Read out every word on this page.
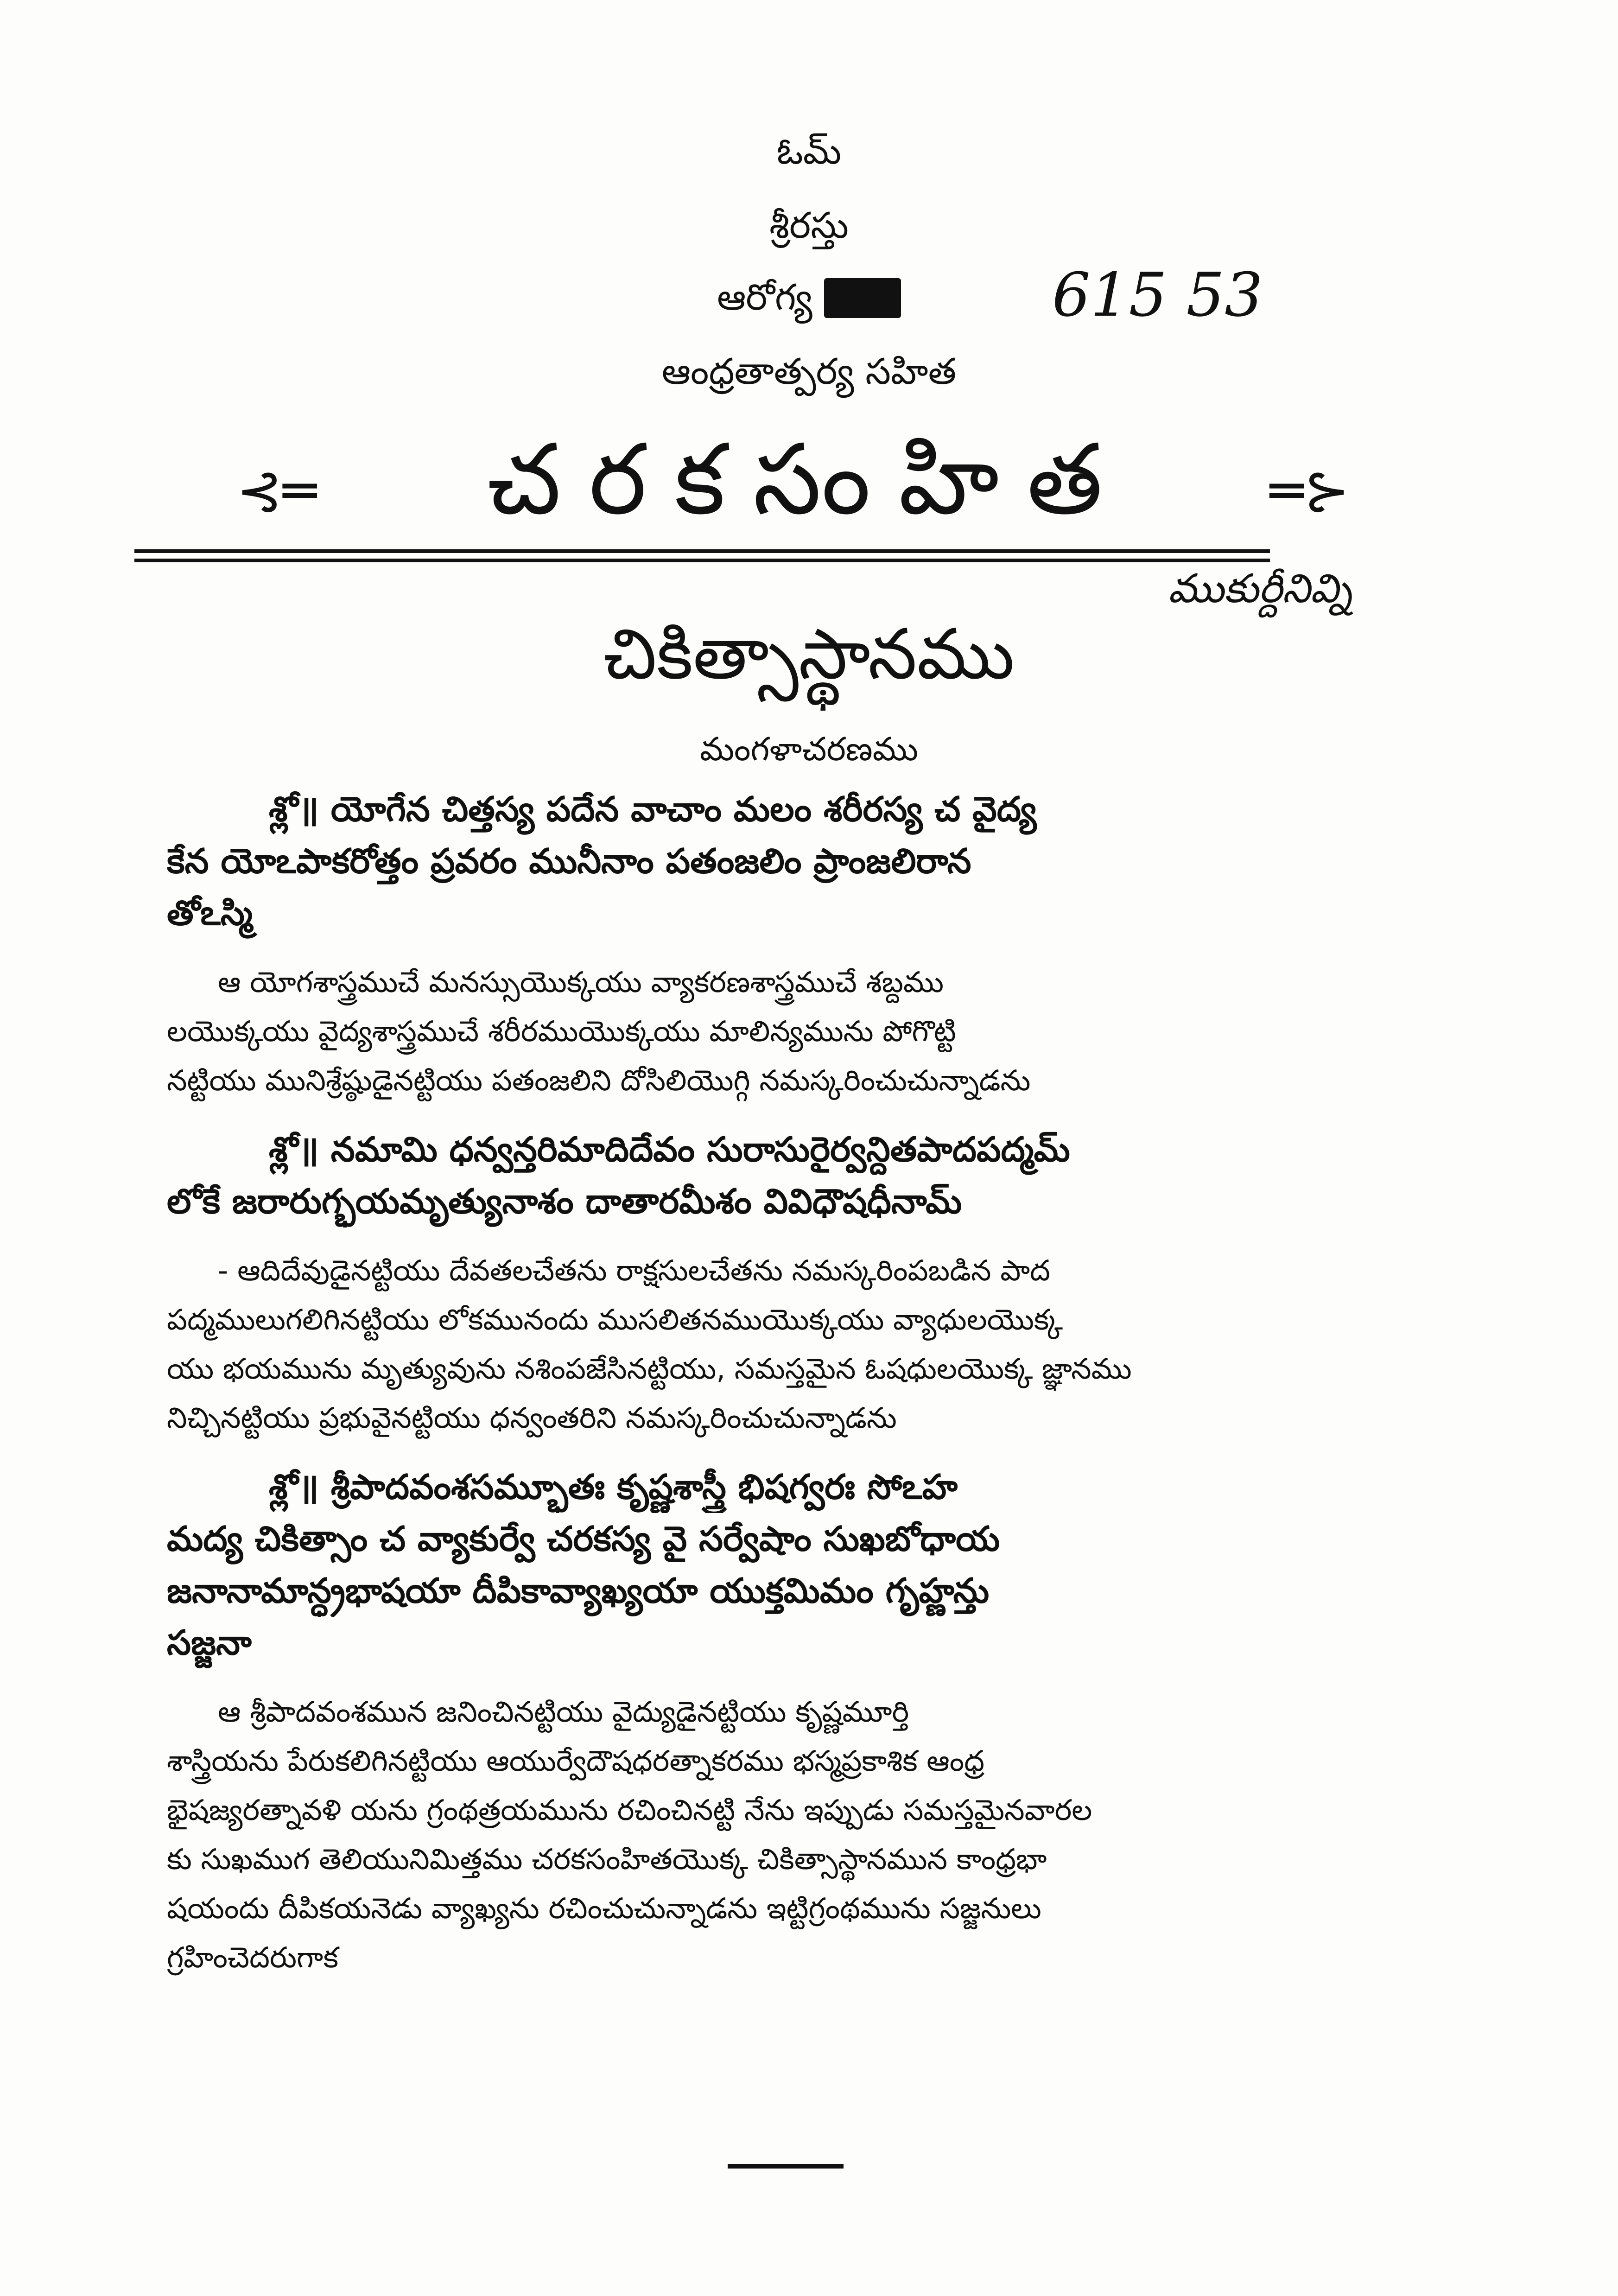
ఓమ్
శ్రీరస్తు
ఆరోగ్య దాతా	615 53
ఆంధ్రతాత్పర్య సహిత
⊰═	చరకసంహిత	═⊱
ముకుర్దీనివ్ని
చికిత్సాస్థానము
మంగళాచరణము
శ్లో॥ యోగేన చిత్తస్య పదేన వాచాం మలం శరీరస్య చ వైద్య
కేన యోఽపాకరోత్తం ప్రవరం మునీనాం పతంజలిం ప్రాంజలిరాన
తోఽస్మి
ఆ యోగశాస్త్రముచే మనస్సుయొక్కయు వ్యాకరణశాస్త్రముచే శబ్దము
లయొక్కయు వైద్యశాస్త్రముచే శరీరముయొక్కయు మాలిన్యమును పోగొట్టి
నట్టియు మునిశ్రేష్ఠుడైనట్టియు పతంజలిని దోసిలియొగ్గి నమస్కరించుచున్నాడను
శ్లో॥ నమామి ధన్వన్తరిమాదిదేవం సురాసురైర్వన్దితపాదపద్మమ్
లోకే జరారుగ్భయమృత్యునాశం దాతారమీశం వివిధౌషధీనామ్
- ఆదిదేవుడైనట్టియు దేవతలచేతను రాక్షసులచేతను నమస్కరింపబడిన పాద
పద్మములుగలిగినట్టియు లోకమునందు ముసలితనముయొక్కయు వ్యాధులయొక్క
యు భయమును మృత్యువును నశింపజేసినట్టియు, సమస్తమైన ఓషధులయొక్క జ్ఞానము
నిచ్చినట్టియు ప్రభువైనట్టియు ధన్వంతరిని నమస్కరించుచున్నాడను
శ్లో॥ శ్రీపాదవంశసమ్భూతః కృష్ణశాస్త్రీ భిషగ్వరః సోఽహ
మద్య చికిత్సాం చ వ్యాకుర్వే చరకస్య వై సర్వేషాం సుఖబోధాయ
జనానామాన్ధ్రభాషయా దీపికావ్యాఖ్యయా యుక్తమిమం గృహ్ణన్తు
సజ్జనా
ఆ శ్రీపాదవంశమున జనించినట్టియు వైద్యుడైనట్టియు కృష్ణమూర్తి
శాస్త్రియను పేరుకలిగినట్టియు ఆయుర్వేదౌషధరత్నాకరము భస్మప్రకాశిక ఆంధ్ర
భైషజ్యరత్నావళి యను గ్రంథత్రయమును రచించినట్టి నేను ఇప్పుడు సమస్తమైనవారల
కు సుఖముగ తెలియునిమిత్తము చరకసంహితయొక్క చికిత్సాస్థానమున కాంధ్రభా
షయందు దీపికయనెడు వ్యాఖ్యను రచించుచున్నాడను ఇట్టిగ్రంథమును సజ్జనులు
గ్రహించెదరుగాక
